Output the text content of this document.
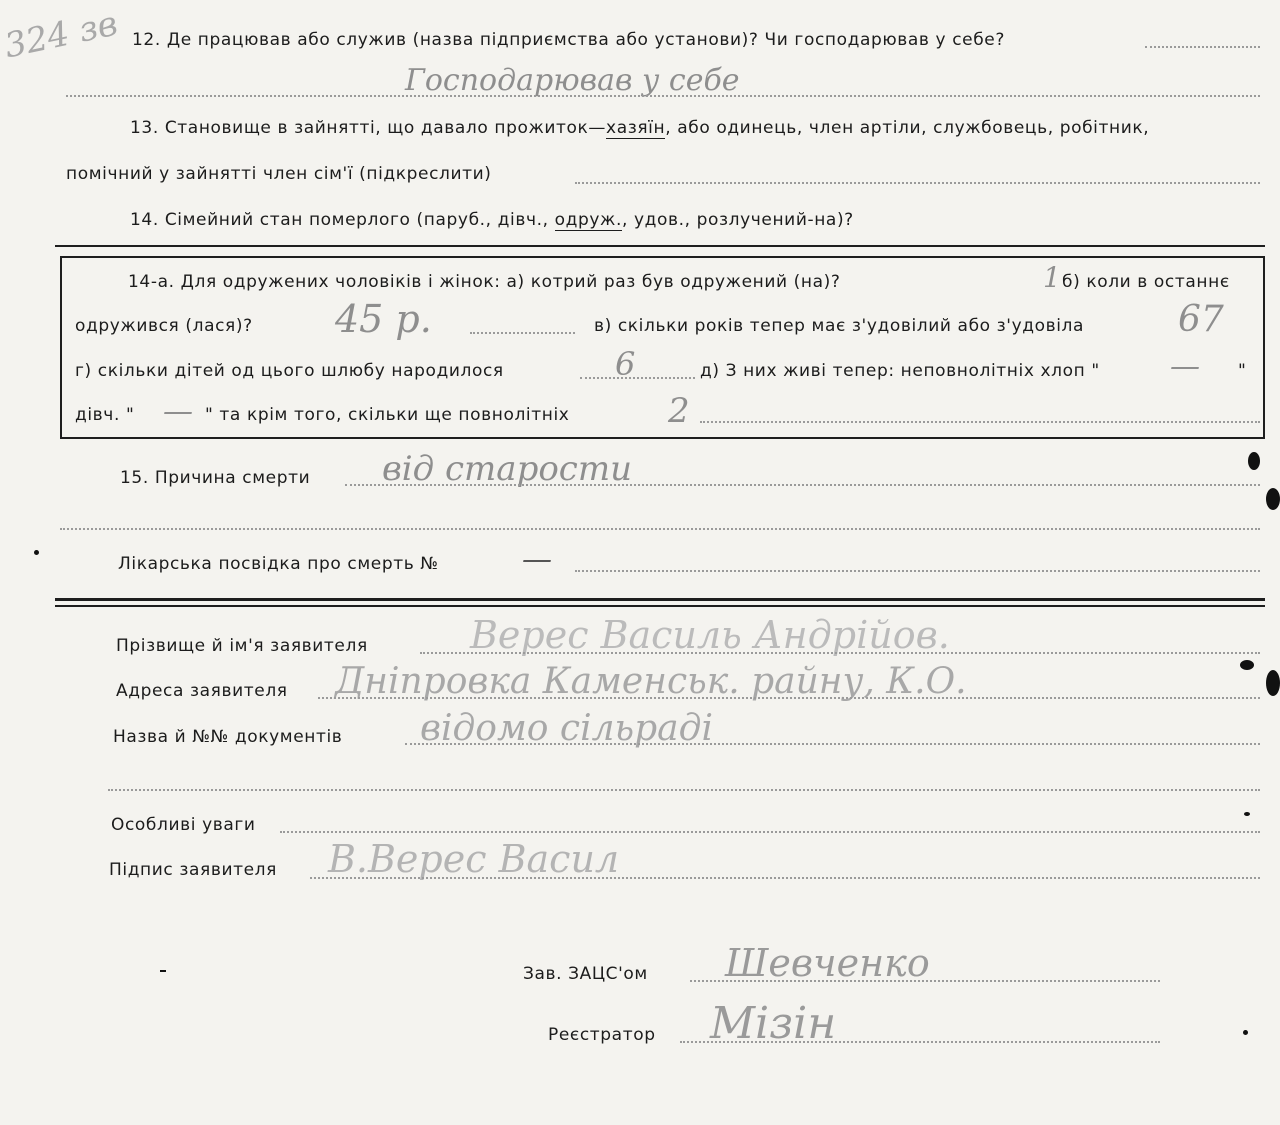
324 зв 12. Де працював або служив (назва підприємства або установи)? Чи господарював у себе?
Господарював у себе
13. Становище в зайнятті, що давало прожиток—хазяїн, або одинець, член артіли, службовець, робітник,
помічний у зайнятті член сім'ї (підкреслити)
14. Сімейний стан померлого (паруб., дівч., одруж., удов., розлучений-на)?
14-а. Для одружених чоловіків і жінок: а) котрий раз був одружений (на)?	1 б) коли в останнє
одружився (лася)? 45 р.	в) скільки років тепер має з'удовілий або з'удовіла	67
г) скільки дітей од цього шлюбу народилося	6	д) З них живі тепер: неповнолітніх хлоп " — "
дівч. " — " та крім того, скільки ще повнолітніх	2
15. Причина смерти від старости
Лікарська посвідка про смерть №	—
Прізвище й ім'я заявителя	Верес Василь Андрійов.
Адреса заявителя Дніпровка Каменськ. райну, К.О.
Назва й №№ документів відомо сільраді
Особливі уваги
Підпис заявителя В.Верес Васил
Зав. ЗАЦС'ом Шевченко
Реєстратор Мізін
